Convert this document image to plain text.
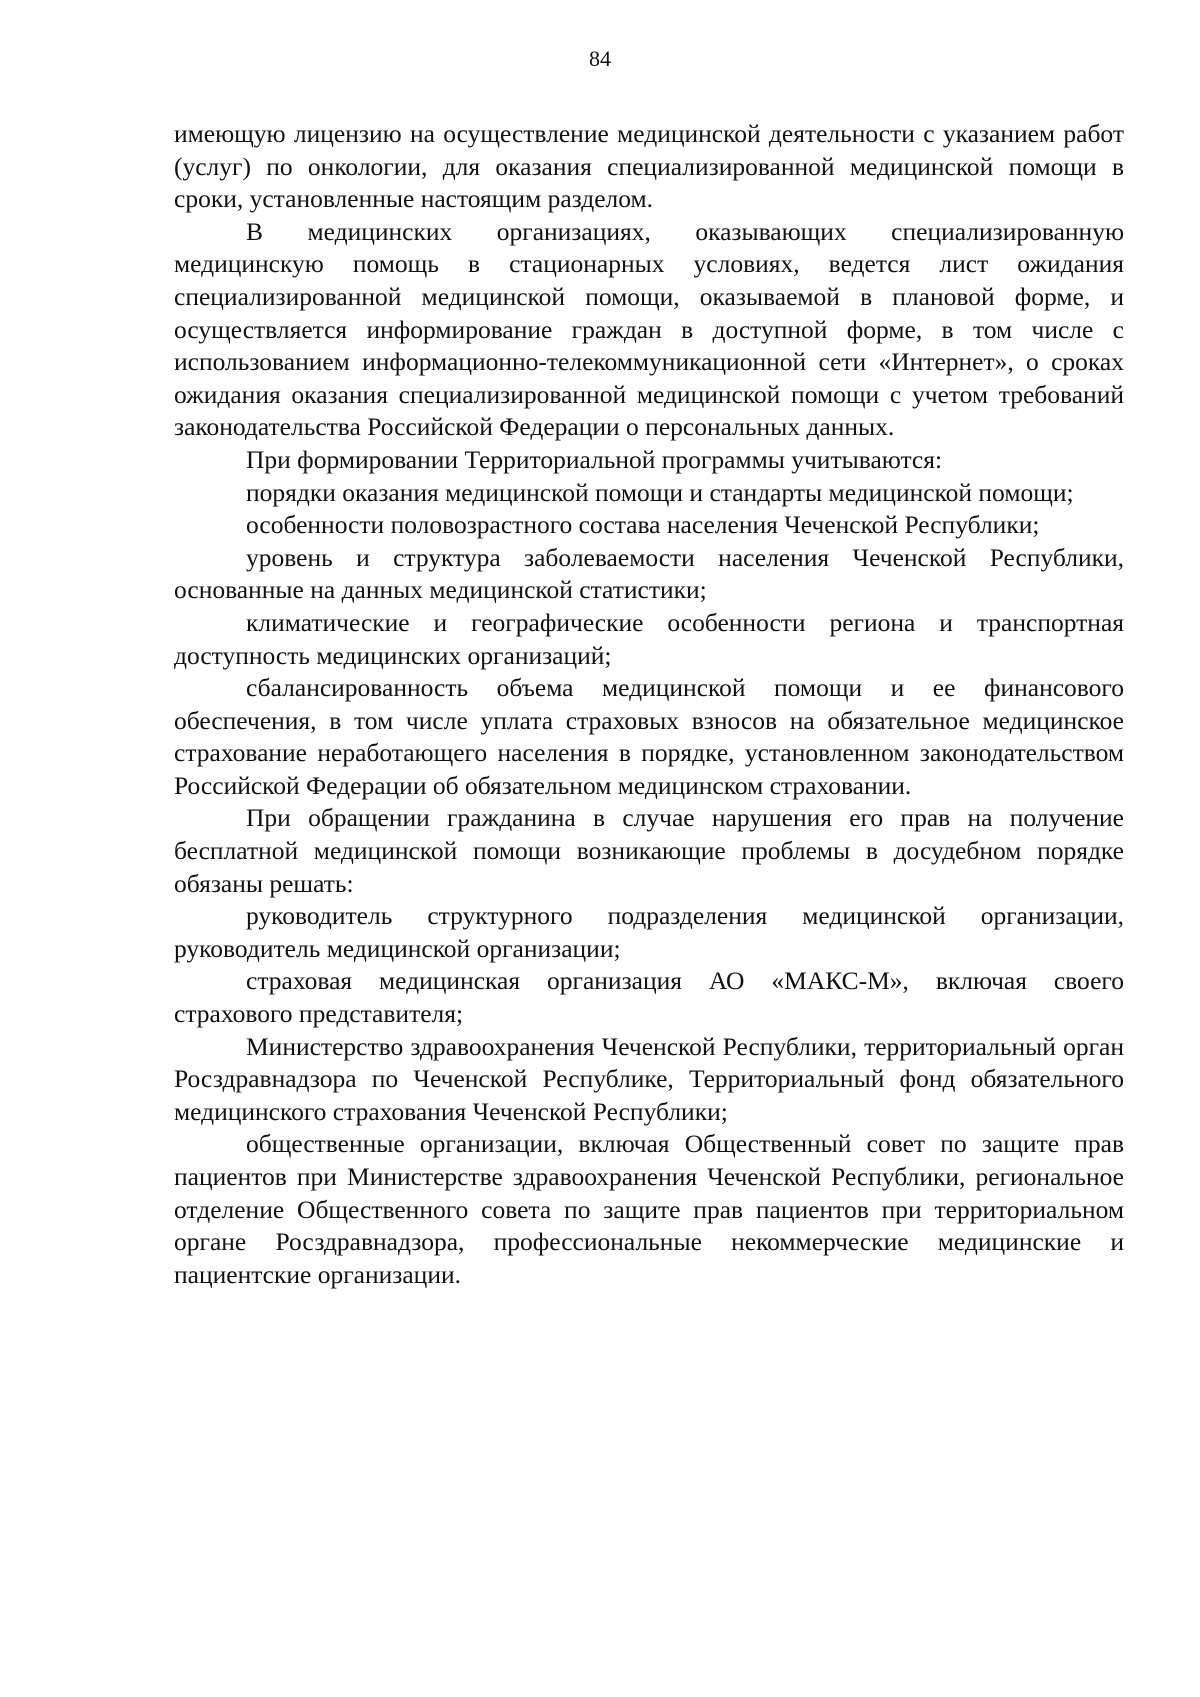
84

имеющую лицензию на осуществление медицинской деятельности с указанием работ (услуг) по онкологии, для оказания специализированной медицинской помощи в сроки, установленные настоящим разделом.

В медицинских организациях, оказывающих специализированную медицинскую помощь в стационарных условиях, ведется лист ожидания специализированной медицинской помощи, оказываемой в плановой форме, и осуществляется информирование граждан в доступной форме, в том числе с использованием информационно-телекоммуникационной сети «Интернет», о сроках ожидания оказания специализированной медицинской помощи с учетом требований законодательства Российской Федерации о персональных данных.

При формировании Территориальной программы учитываются:

порядки оказания медицинской помощи и стандарты медицинской помощи;

особенности половозрастного состава населения Чеченской Республики;

уровень и структура заболеваемости населения Чеченской Республики, основанные на данных медицинской статистики;

климатические и географические особенности региона и транспортная доступность медицинских организаций;

сбалансированность объема медицинской помощи и ее финансового обеспечения, в том числе уплата страховых взносов на обязательное медицинское страхование неработающего населения в порядке, установленном законодательством Российской Федерации об обязательном медицинском страховании.

При обращении гражданина в случае нарушения его прав на получение бесплатной медицинской помощи возникающие проблемы в досудебном порядке обязаны решать:

руководитель структурного подразделения медицинской организации, руководитель медицинской организации;

страховая медицинская организация АО «МАКС-М», включая своего страхового представителя;

Министерство здравоохранения Чеченской Республики, территориальный орган Росздравнадзора по Чеченской Республике, Территориальный фонд обязательного медицинского страхования Чеченской Республики;

общественные организации, включая Общественный совет по защите прав пациентов при Министерстве здравоохранения Чеченской Республики, региональное отделение Общественного совета по защите прав пациентов при территориальном органе Росздравнадзора, профессиональные некоммерческие медицинские и пациентские организации.
